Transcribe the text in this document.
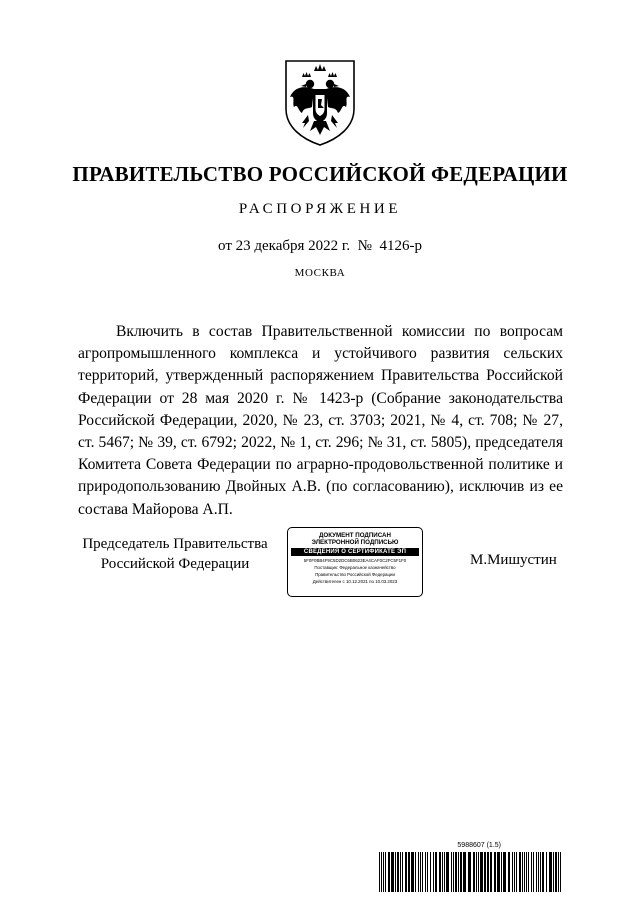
ПРАВИТЕЛЬСТВО РОССИЙСКОЙ ФЕДЕРАЦИИ
РАСПОРЯЖЕНИЕ
от 23 декабря 2022 г.  №  4126-р
МОСКВА

Включить в состав Правительственной комиссии по вопросам агропромышленного комплекса и устойчивого развития сельских территорий, утвержденный распоряжением Правительства Российской Федерации от 28 мая 2020 г. № 1423-р (Собрание законодательства Российской Федерации, 2020, № 23, ст. 3703; 2021, № 4, ст. 708; № 27, ст. 5467; № 39, ст. 6792; 2022, № 1, ст. 296; № 31, ст. 5805), председателя Комитета Совета Федерации по аграрно-продовольственной политике и природопользованию Двойных А.В. (по согласованию), исключив из ее состава Майорова А.П.

Председатель Правительства
Российской Федерации
ДОКУМЕНТ ПОДПИСАН
ЭЛЕКТРОННОЙ ПОДПИСЬЮ
СВЕДЕНИЯ О СЕРТИФИКАТЕ ЭП
5F0F0BB4F9C5D2DC6B0623EA4CAF0C2FC5F1F0
Поставщик: Федеральное казначейство
Правительство Российской Федерации
Действителен с 10.12.2021 по 10.03.2023
М.Мишустин
5988607 (1.5)
